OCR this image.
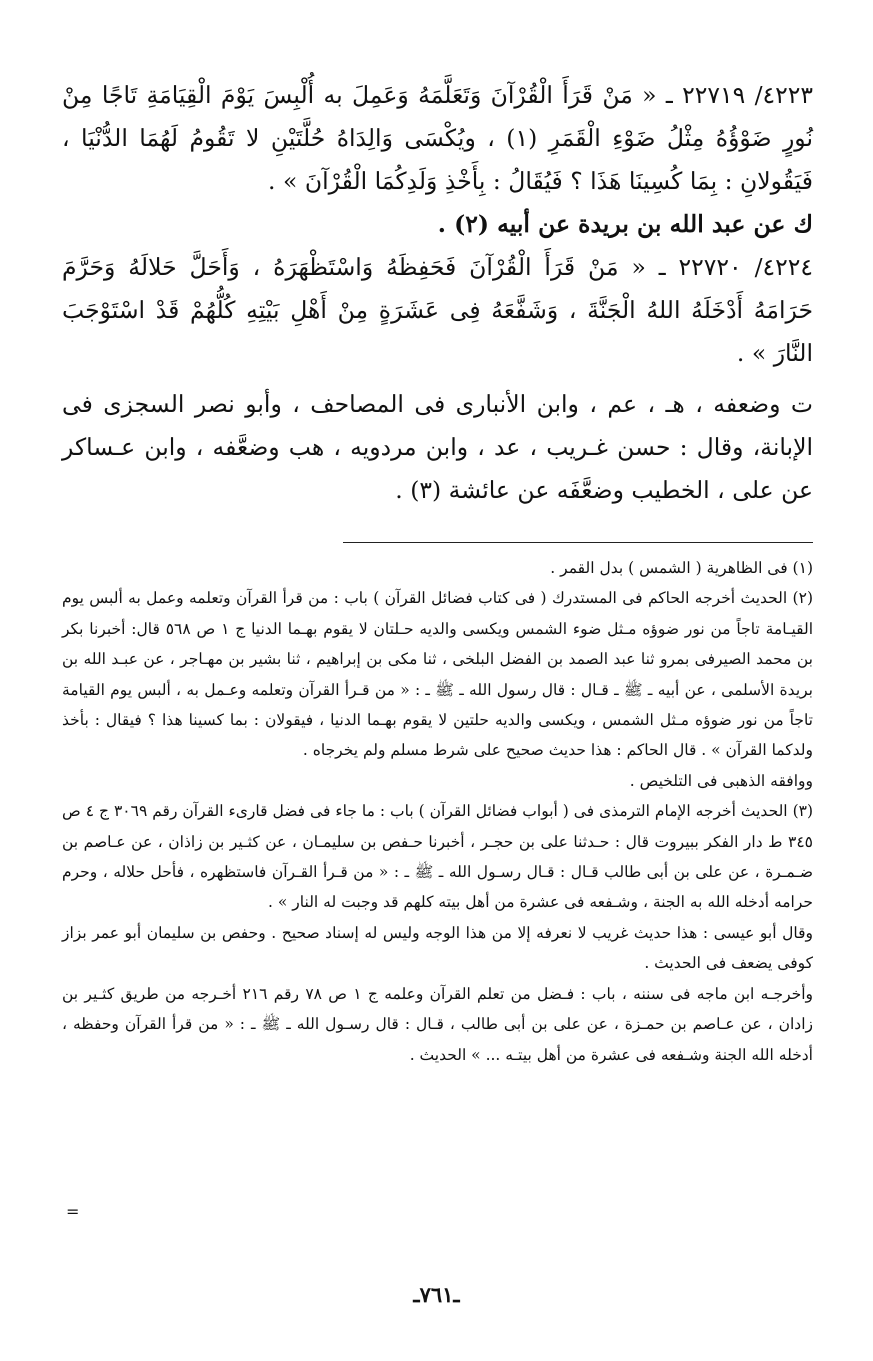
٤٢٢٣/ ٢٢٧١٩ ـ « مَنْ قَرَأَ الْقُرْآنَ وَتَعَلَّمَهُ وَعَمِلَ به أُلْبِسَ يَوْمَ الْقِيَامَةِ تَاجًا مِنْ نُورٍ ضَوْؤُهُ مِثْلُ ضَوْءِ الْقَمَرِ (١) ، ويُكْسَى وَالِدَاهُ حُلَّتَيْنِ لا تَقُومُ لَهُمَا الدُّنْيَا ، فَيَقُولانِ : بِمَا كُسِينَا هَذَا ؟ فَيُقَالُ : بِأَخْذِ وَلَدِكُمَا الْقُرْآنَ » .

ك عن عبد الله بن بريدة عن أبيه (٢) .

٤٢٢٤/ ٢٢٧٢٠ ـ « مَنْ قَرَأَ الْقُرْآنَ فَحَفِظَهُ وَاسْتَظْهَرَهُ ، وَأَحَلَّ حَلالَهُ وَحَرَّمَ حَرَامَهُ أَدْخَلَهُ اللهُ الْجَنَّةَ ، وَشَفَّعَهُ فِى عَشَرَةٍ مِنْ أَهْلِ بَيْتِهِ كُلُّهُمْ قَدْ اسْتَوْجَبَ النَّارَ » .

ت وضعفه ، هـ ، عم ، وابن الأنبارى فى المصاحف ، وأبو نصر السجزى فى الإبانة، وقال : حسن غـريب ، عد ، وابن مردويه ، هب وضعَّفه ، وابن عـساكر عن على ، الخطيب وضعَّفَه عن عائشة (٣) .

(١) فى الظاهرية ( الشمس ) بدل القمر .

(٢) الحديث أخرجه الحاكم فى المستدرك ( فى كتاب فضائل القرآن ) باب : من قرأ القرآن وتعلمه وعمل به ألبس يوم القيـامة تاجاً من نور ضوؤه مـثل ضوء الشمس ويكسى والديه حـلتان لا يقوم بهـما الدنيا ج ١ ص ٥٦٨ قال: أخبرنا بكر بن محمد الصيرفى بمرو ثنا عبد الصمد بن الفضل البلخى ، ثنا مكى بن إبراهيم ، ثنا بشير بن مهـاجر ، عن عبـد الله بن بريدة الأسلمى ، عن أبيه ـ ﷺ ـ قـال : قال رسول الله ـ ﷺ ـ : « من قـرأ القرآن وتعلمه وعـمل به ، ألبس يوم القيامة تاجاً من نور ضوؤه مـثل الشمس ، ويكسى والديه حلتين لا يقوم بهـما الدنيا ، فيقولان : بما كسينا هذا ؟ فيقال : بأخذ ولدكما القرآن » . قال الحاكم : هذا حديث صحيح على شرط مسلم ولم يخرجاه .

ووافقه الذهبى فى التلخيص .

(٣) الحديث أخرجه الإمام الترمذى فى ( أبواب فضائل القرآن ) باب : ما جاء فى فضل قارىء القرآن رقم ٣٠٦٩ ج ٤ ص ٣٤٥ ط دار الفكر ببيروت قال : حـدثنا على بن حجـر ، أخبرنا حـفص بن سليمـان ، عن كثـير بن زاذان ، عن عـاصم بن ضـمـرة ، عن على بن أبى طالب قـال : قـال رسـول الله ـ ﷺ ـ : « من قـرأ القـرآن فاستظهره ، فأحل حلاله ، وحرم حرامه أدخله الله به الجنة ، وشـفعه فى عشرة من أهل بيته كلهم قد وجبت له النار » .

وقال أبو عيسى : هذا حديث غريب لا نعرفه إلا من هذا الوجه وليس له إسناد صحيح . وحفص بن سليمان أبو عمر بزاز كوفى يضعف فى الحديث .

وأخرجـه ابن ماجه فى سننه ، باب : فـضل من تعلم القرآن وعلمه ج ١ ص ٧٨ رقم ٢١٦ أخـرجه من طريق كثـير بن زادان ، عن عـاصم بن حمـزة ، عن على بن أبى طالب ، قـال : قال رسـول الله ـ ﷺ ـ : « من قرأ القرآن وحفظه ، أدخله الله الجنة وشـفعه فى عشرة من أهل بيتـه ... » الحديث .

=
ـ٧٦١ـ
